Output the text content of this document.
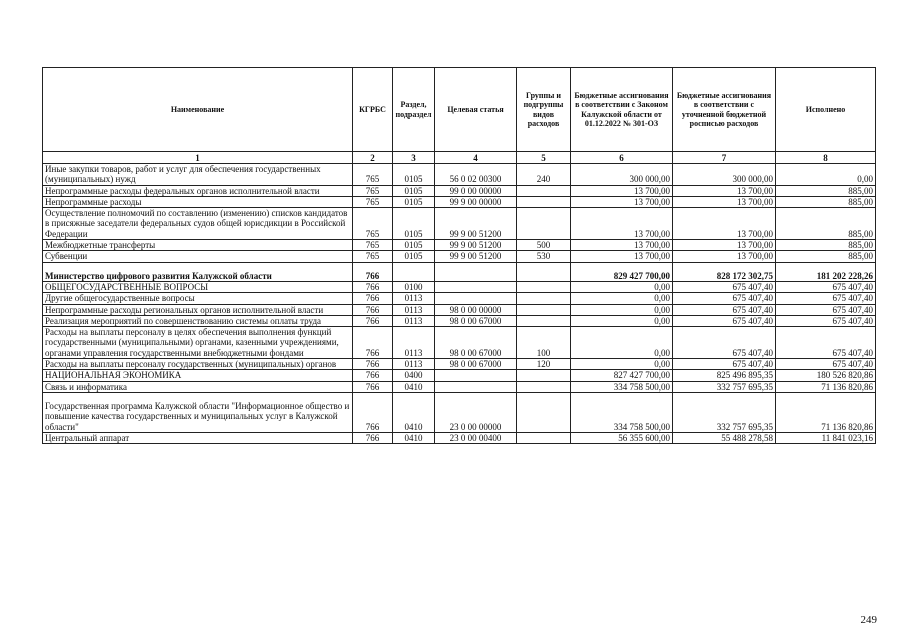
Наименование	КГРБС	Раздел, подраздел	Целевая статья	Группы и подгруппы видов расходов	Бюджетные ассигнования в соответствии с Законом Калужской области от 01.12.2022 № 301-ОЗ	Бюджетные ассигнования в соответствии с уточненной бюджетной росписью расходов	Исполнено
1	2	3	4	5	6	7	8
Иные закупки товаров, работ и услуг для обеспечения государственных (муниципальных) нужд	765	0105	56 0 02 00300	240	300 000,00	300 000,00	0,00
Непрограммные расходы федеральных органов исполнительной власти	765	0105	99 0 00 00000		13 700,00	13 700,00	885,00
Непрограммные расходы	765	0105	99 9 00 00000		13 700,00	13 700,00	885,00
Осуществление полномочий по составлению (изменению) списков кандидатов в присяжные заседатели федеральных судов общей юрисдикции в Российской Федерации	765	0105	99 9 00 51200		13 700,00	13 700,00	885,00
Межбюджетные трансферты	765	0105	99 9 00 51200	500	13 700,00	13 700,00	885,00
Субвенции	765	0105	99 9 00 51200	530	13 700,00	13 700,00	885,00
Министерство цифрового развития Калужской области	766				829 427 700,00	828 172 302,75	181 202 228,26
ОБЩЕГОСУДАРСТВЕННЫЕ ВОПРОСЫ	766	0100			0,00	675 407,40	675 407,40
Другие общегосударственные вопросы	766	0113			0,00	675 407,40	675 407,40
Непрограммные расходы региональных органов исполнительной власти	766	0113	98 0 00 00000		0,00	675 407,40	675 407,40
Реализация мероприятий по совершенствованию системы оплаты труда	766	0113	98 0 00 67000		0,00	675 407,40	675 407,40
Расходы на выплаты персоналу в целях обеспечения выполнения функций государственными (муниципальными) органами, казенными учреждениями, органами управления государственными внебюджетными фондами	766	0113	98 0 00 67000	100	0,00	675 407,40	675 407,40
Расходы на выплаты персоналу государственных (муниципальных) органов	766	0113	98 0 00 67000	120	0,00	675 407,40	675 407,40
НАЦИОНАЛЬНАЯ ЭКОНОМИКА	766	0400			827 427 700,00	825 496 895,35	180 526 820,86
Связь и информатика	766	0410			334 758 500,00	332 757 695,35	71 136 820,86
Государственная программа Калужской области "Информационное общество и повышение качества государственных и муниципальных услуг в Калужской области"	766	0410	23 0 00 00000		334 758 500,00	332 757 695,35	71 136 820,86
Центральный аппарат	766	0410	23 0 00 00400		56 355 600,00	55 488 278,58	11 841 023,16
249
